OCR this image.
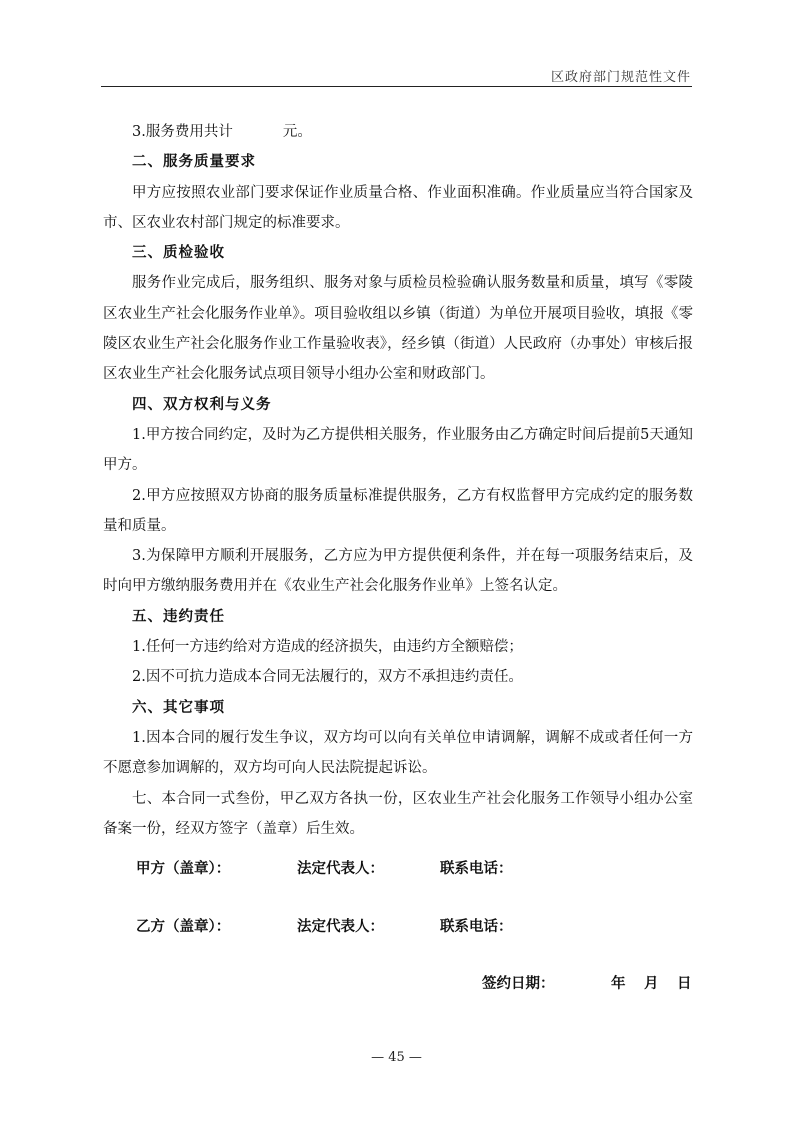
区政府部门规范性文件

3.服务费用共计	元。

二、服务质量要求

甲方应按照农业部门要求保证作业质量合格、作业面积准确。作业质量应当符合国家及市、区农业农村部门规定的标准要求。

三、质检验收

服务作业完成后，服务组织、服务对象与质检员检验确认服务数量和质量，填写《零陵区农业生产社会化服务作业单》。项目验收组以乡镇（街道）为单位开展项目验收，填报《零陵区农业生产社会化服务作业工作量验收表》，经乡镇（街道）人民政府（办事处）审核后报区农业生产社会化服务试点项目领导小组办公室和财政部门。

四、双方权利与义务

1.甲方按合同约定，及时为乙方提供相关服务，作业服务由乙方确定时间后提前5天通知甲方。

2.甲方应按照双方协商的服务质量标准提供服务，乙方有权监督甲方完成约定的服务数量和质量。

3.为保障甲方顺利开展服务，乙方应为甲方提供便利条件，并在每一项服务结束后，及时向甲方缴纳服务费用并在《农业生产社会化服务作业单》上签名认定。

五、违约责任

1.任何一方违约给对方造成的经济损失，由违约方全额赔偿；

2.因不可抗力造成本合同无法履行的，双方不承担违约责任。

六、其它事项

1.因本合同的履行发生争议，双方均可以向有关单位申请调解，调解不成或者任何一方不愿意参加调解的，双方均可向人民法院提起诉讼。

七、本合同一式叁份，甲乙双方各执一份，区农业生产社会化服务工作领导小组办公室备案一份，经双方签字（盖章）后生效。

甲方（盖章）：	法定代表人：	联系电话：
乙方（盖章）：	法定代表人：	联系电话：
签约日期：	年 月 日
— 45 —
